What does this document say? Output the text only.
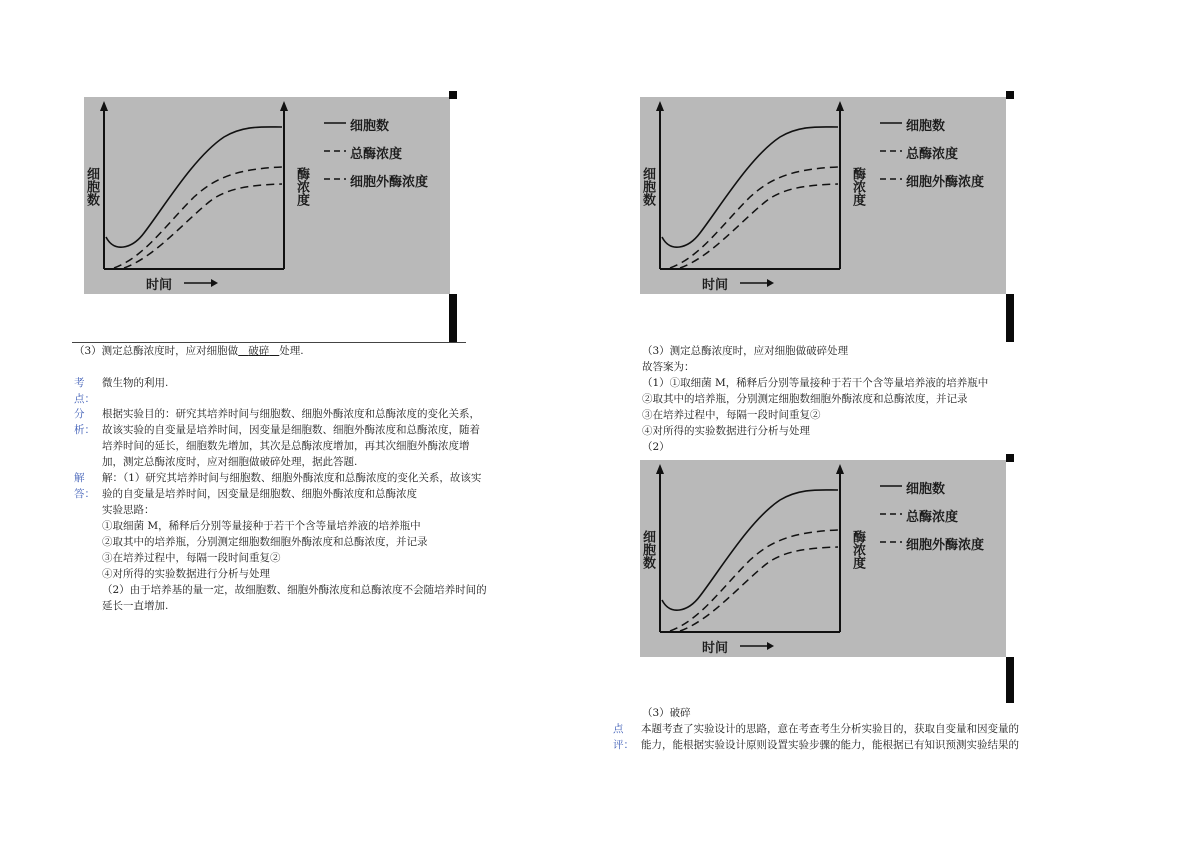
细胞数	酶浓度
时间
细胞数
总酶浓度
细胞外酶浓度
（3）测定总酶浓度时，应对细胞做 破碎 处理.
考
点：
微生物的利用.
分
析：
根据实验目的：研究其培养时间与细胞数、细胞外酶浓度和总酶浓度的变化关系，
故该实验的自变量是培养时间，因变量是细胞数、细胞外酶浓度和总酶浓度，随着
培养时间的延长，细胞数先增加，其次是总酶浓度增加，再其次细胞外酶浓度增
加，测定总酶浓度时，应对细胞做破碎处理，据此答题.
解
答：
解：（1）研究其培养时间与细胞数、细胞外酶浓度和总酶浓度的变化关系，故该实
验的自变量是培养时间，因变量是细胞数、细胞外酶浓度和总酶浓度
实验思路：
①取细菌 M，稀释后分别等量接种于若干个含等量培养液的培养瓶中
②取其中的培养瓶，分别测定细胞数细胞外酶浓度和总酶浓度，并记录
③在培养过程中，每隔一段时间重复②
④对所得的实验数据进行分析与处理
（2）由于培养基的量一定，故细胞数、细胞外酶浓度和总酶浓度不会随培养时间的
延长一直增加.
细胞数	酶浓度
时间
细胞数
总酶浓度
细胞外酶浓度
（3）测定总酶浓度时，应对细胞做破碎处理
故答案为：
（1）①取细菌 M，稀释后分别等量接种于若干个含等量培养液的培养瓶中
②取其中的培养瓶，分别测定细胞数细胞外酶浓度和总酶浓度，并记录
③在培养过程中，每隔一段时间重复②
④对所得的实验数据进行分析与处理
（2）
细胞数	酶浓度
时间
细胞数
总酶浓度
细胞外酶浓度
（3）破碎
点
评：
本题考查了实验设计的思路，意在考查考生分析实验目的，获取自变量和因变量的
能力，能根据实验设计原则设置实验步骤的能力，能根据已有知识预测实验结果的
